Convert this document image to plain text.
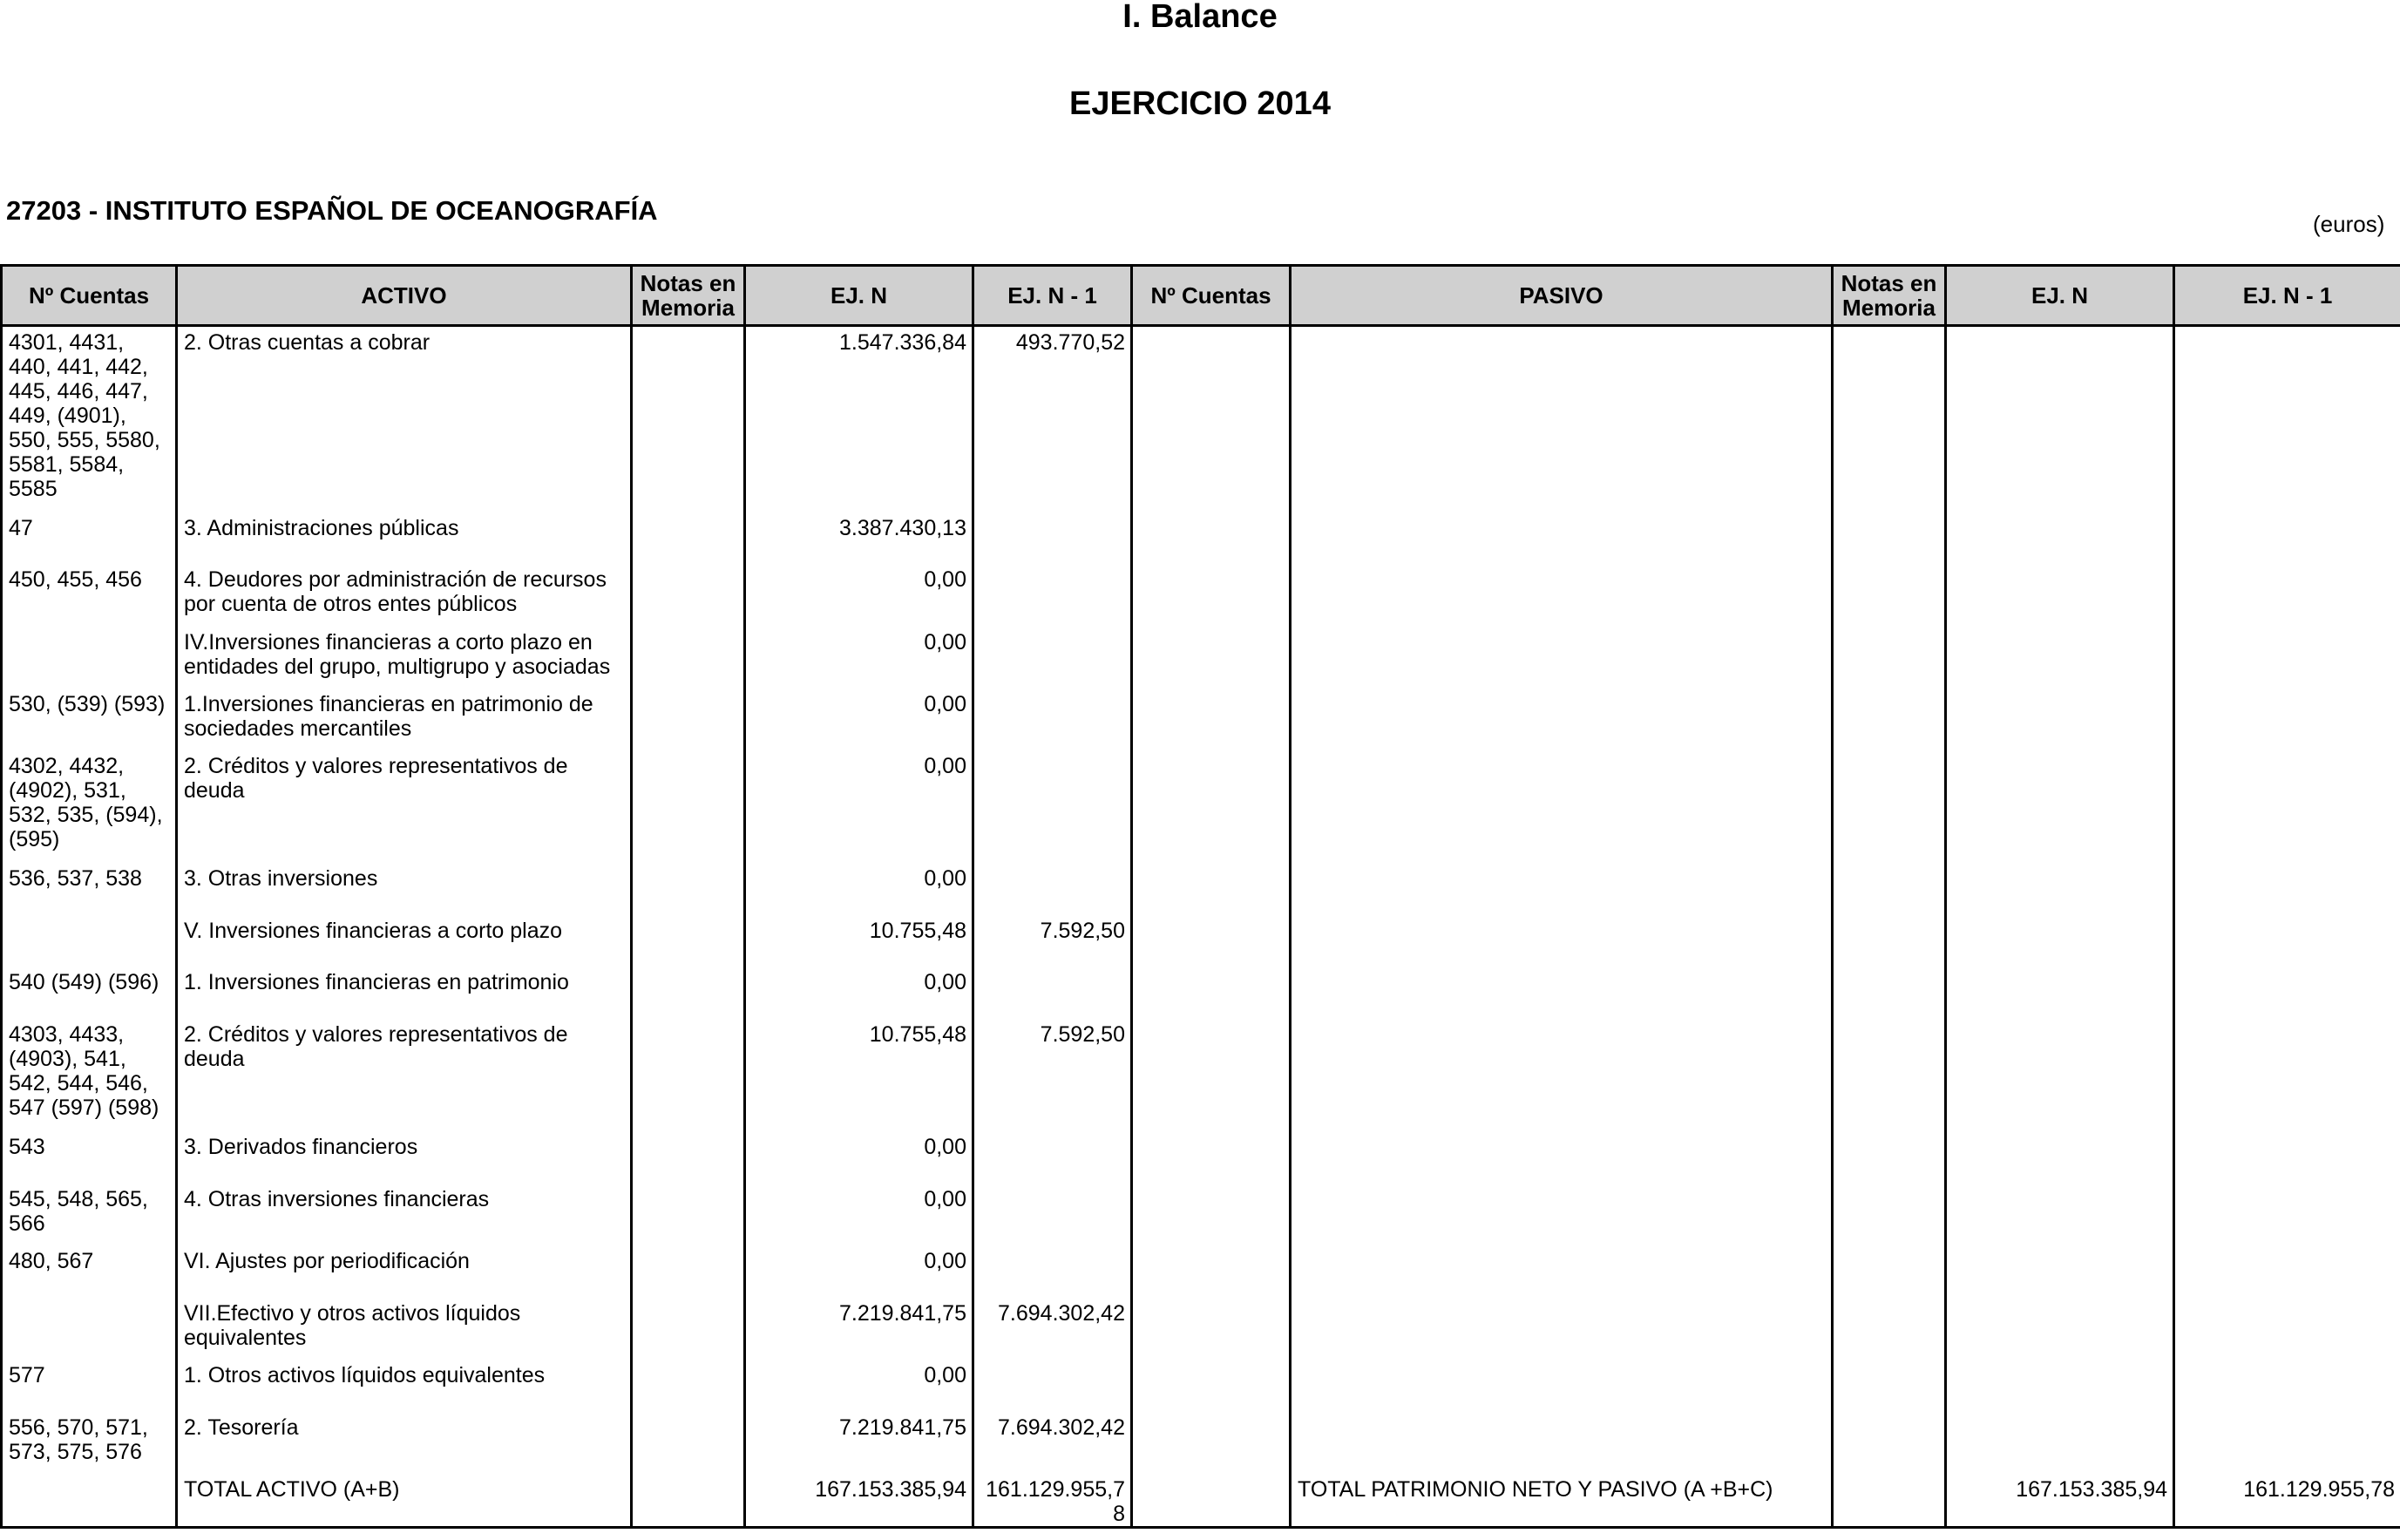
I. Balance
EJERCICIO 2014
27203 - INSTITUTO ESPAÑOL DE OCEANOGRAFÍA	(euros)
Nº Cuentas	ACTIVO	Notas en Memoria	EJ. N	EJ. N - 1	Nº Cuentas	PASIVO	Notas en Memoria	EJ. N	EJ. N - 1
4301, 4431, 440, 441, 442, 445, 446, 447, 449, (4901), 550, 555, 5580, 5581, 5584, 5585	2. Otras cuentas a cobrar		1.547.336,84	493.770,52					
47	3. Administraciones públicas		3.387.430,13						
450, 455, 456	4. Deudores por administración de recursos por cuenta de otros entes públicos		0,00						
	IV.Inversiones financieras a corto plazo en entidades del grupo, multigrupo y asociadas		0,00						
530, (539) (593)	1.Inversiones financieras en patrimonio de sociedades mercantiles		0,00						
4302, 4432, (4902), 531, 532, 535, (594), (595)	2. Créditos y valores representativos de deuda		0,00						
536, 537, 538	3. Otras inversiones		0,00						
	V. Inversiones financieras a corto plazo		10.755,48	7.592,50					
540 (549) (596)	1. Inversiones financieras en patrimonio		0,00						
4303, 4433, (4903), 541, 542, 544, 546, 547 (597) (598)	2. Créditos y valores representativos de deuda		10.755,48	7.592,50					
543	3. Derivados financieros		0,00						
545, 548, 565, 566	4. Otras inversiones financieras		0,00						
480, 567	VI. Ajustes por periodificación		0,00						
	VII.Efectivo y otros activos líquidos equivalentes		7.219.841,75	7.694.302,42					
577	1. Otros activos líquidos equivalentes		0,00						
556, 570, 571, 573, 575, 576	2. Tesorería		7.219.841,75	7.694.302,42					
	TOTAL ACTIVO (A+B)		167.153.385,94	161.129.955,78		TOTAL PATRIMONIO NETO Y PASIVO (A +B+C)		167.153.385,94	161.129.955,78
